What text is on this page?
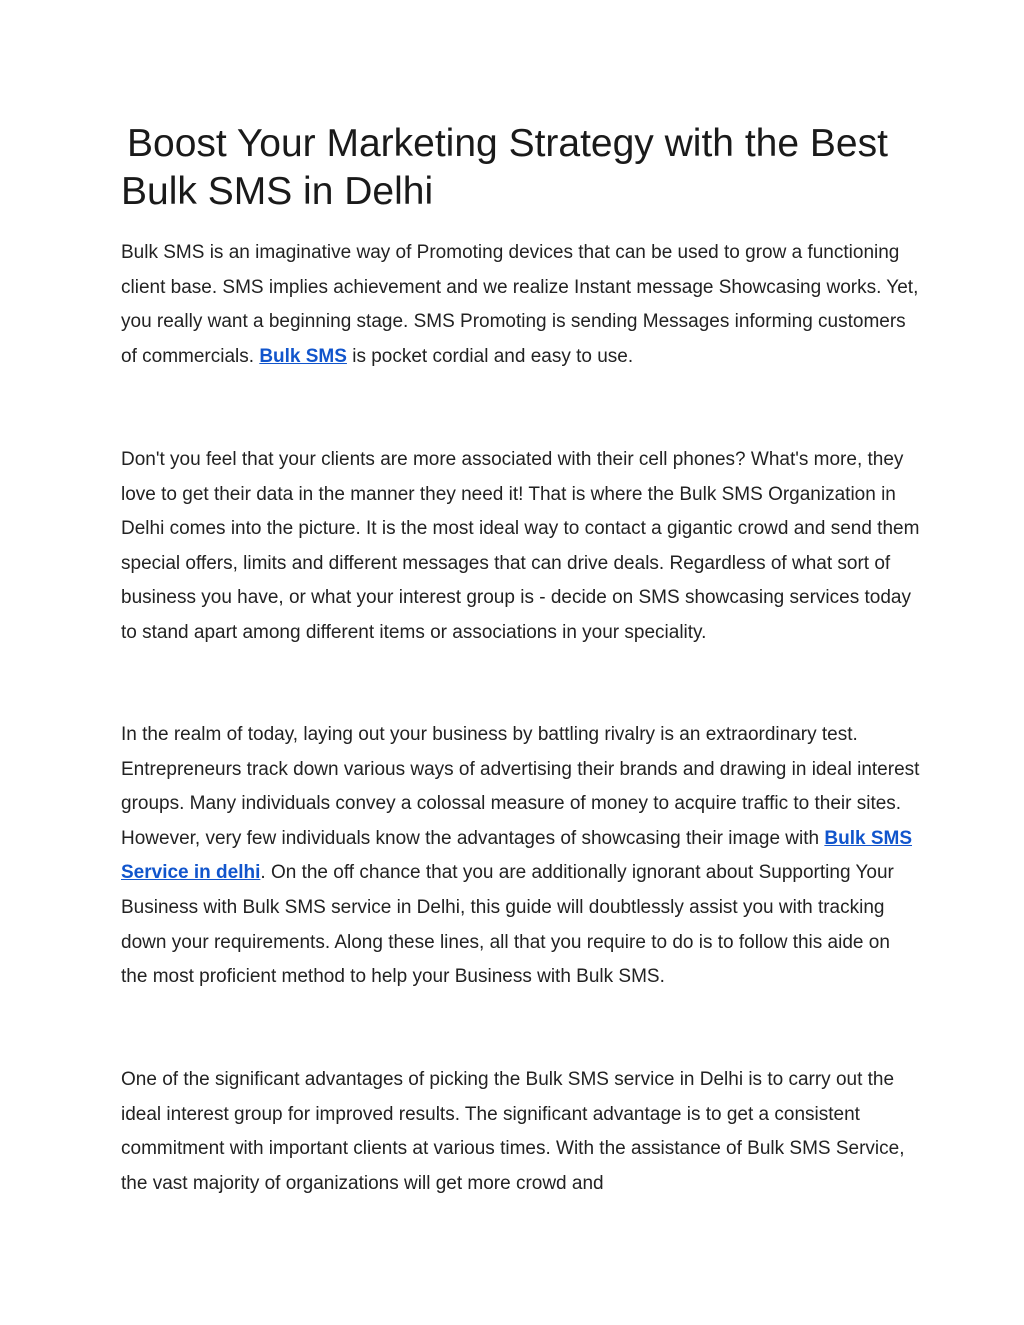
Boost Your Marketing Strategy with the Best
Bulk SMS in Delhi

Bulk SMS is an imaginative way of Promoting devices that can be used to grow a functioning client base. SMS implies achievement and we realize Instant message Showcasing works. Yet, you really want a beginning stage. SMS Promoting is sending Messages informing customers of commercials. Bulk SMS is pocket cordial and easy to use.

Don't you feel that your clients are more associated with their cell phones? What's more, they love to get their data in the manner they need it! That is where the Bulk SMS Organization in Delhi comes into the picture. It is the most ideal way to contact a gigantic crowd and send them special offers, limits and different messages that can drive deals. Regardless of what sort of business you have, or what your interest group is - decide on SMS showcasing services today to stand apart among different items or associations in your speciality.

In the realm of today, laying out your business by battling rivalry is an extraordinary test. Entrepreneurs track down various ways of advertising their brands and drawing in ideal interest groups. Many individuals convey a colossal measure of money to acquire traffic to their sites. However, very few individuals know the advantages of showcasing their image with Bulk SMS Service in delhi. On the off chance that you are additionally ignorant about Supporting Your Business with Bulk SMS service in Delhi, this guide will doubtlessly assist you with tracking down your requirements. Along these lines, all that you require to do is to follow this aide on the most proficient method to help your Business with Bulk SMS.

One of the significant advantages of picking the Bulk SMS service in Delhi is to carry out the ideal interest group for improved results. The significant advantage is to get a consistent commitment with important clients at various times. With the assistance of Bulk SMS Service, the vast majority of organizations will get more crowd and
